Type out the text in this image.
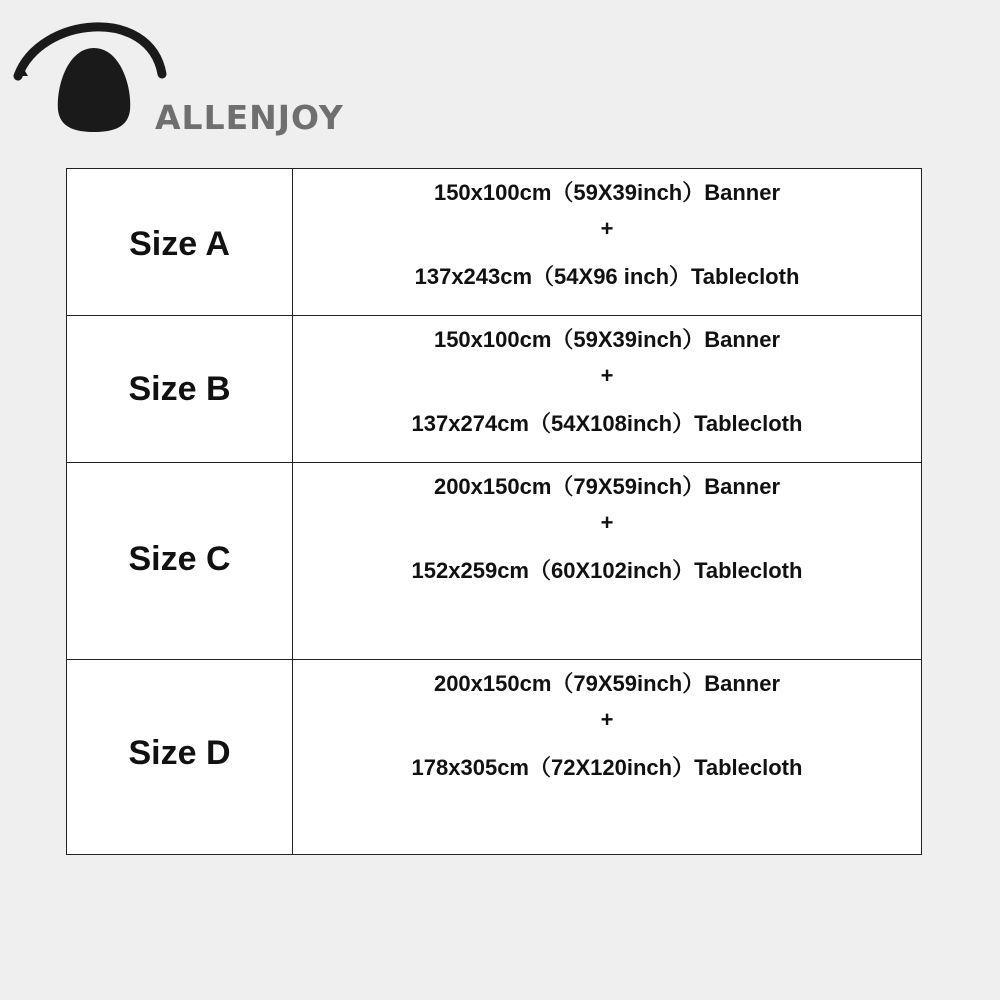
ALLENJOY
Size A	150x100cm（59X39inch）Banner
+
137x243cm（54X96 inch）Tablecloth

Size B	150x100cm（59X39inch）Banner
+
137x274cm（54X108inch）Tablecloth

Size C	200x150cm（79X59inch）Banner
+
152x259cm（60X102inch）Tablecloth

Size D	200x150cm（79X59inch）Banner
+
178x305cm（72X120inch）Tablecloth
